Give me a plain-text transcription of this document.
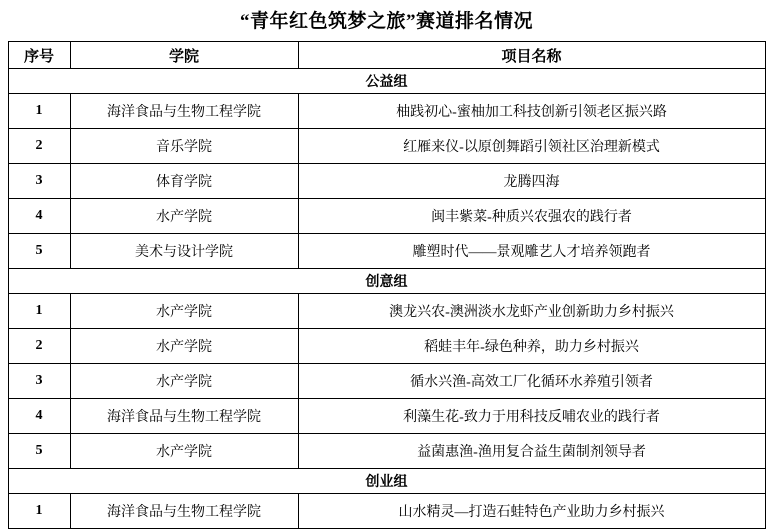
“青年红色筑梦之旅”赛道排名情况
序号	学院	项目名称
公益组		
1	海洋食品与生物工程学院	柚践初心-蜜柚加工科技创新引领老区振兴路
2	音乐学院	红雁来仪-以原创舞蹈引领社区治理新模式
3	体育学院	龙腾四海
4	水产学院	闽丰紫菜-种质兴农强农的践行者
5	美术与设计学院	雕塑时代——景观雕艺人才培养领跑者
创意组		
1	水产学院	澳龙兴农-澳洲淡水龙虾产业创新助力乡村振兴
2	水产学院	稻蛙丰年-绿色种养，助力乡村振兴
3	水产学院	循水兴渔-高效工厂化循环水养殖引领者
4	海洋食品与生物工程学院	利藻生花-致力于用科技反哺农业的践行者
5	水产学院	益菌惠渔-渔用复合益生菌制剂领导者
创业组		
1	海洋食品与生物工程学院	山水精灵—打造石蛙特色产业助力乡村振兴
